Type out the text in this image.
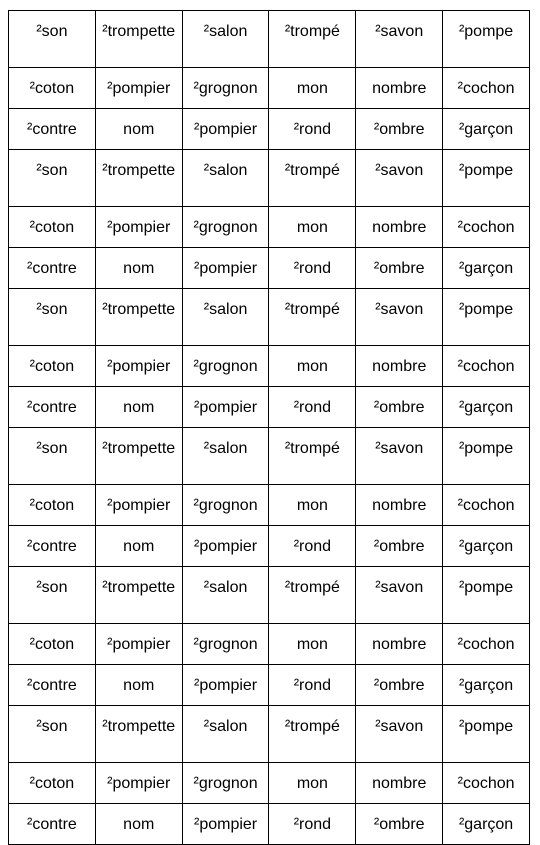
²son	²trompette	²salon	²trompé	²savon	²pompe
²coton	²pompier	²grognon	mon	nombre	²cochon
²contre	nom	²pompier	²rond	²ombre	²garçon
²son	²trompette	²salon	²trompé	²savon	²pompe
²coton	²pompier	²grognon	mon	nombre	²cochon
²contre	nom	²pompier	²rond	²ombre	²garçon
²son	²trompette	²salon	²trompé	²savon	²pompe
²coton	²pompier	²grognon	mon	nombre	²cochon
²contre	nom	²pompier	²rond	²ombre	²garçon
²son	²trompette	²salon	²trompé	²savon	²pompe
²coton	²pompier	²grognon	mon	nombre	²cochon
²contre	nom	²pompier	²rond	²ombre	²garçon
²son	²trompette	²salon	²trompé	²savon	²pompe
²coton	²pompier	²grognon	mon	nombre	²cochon
²contre	nom	²pompier	²rond	²ombre	²garçon
²son	²trompette	²salon	²trompé	²savon	²pompe
²coton	²pompier	²grognon	mon	nombre	²cochon
²contre	nom	²pompier	²rond	²ombre	²garçon
